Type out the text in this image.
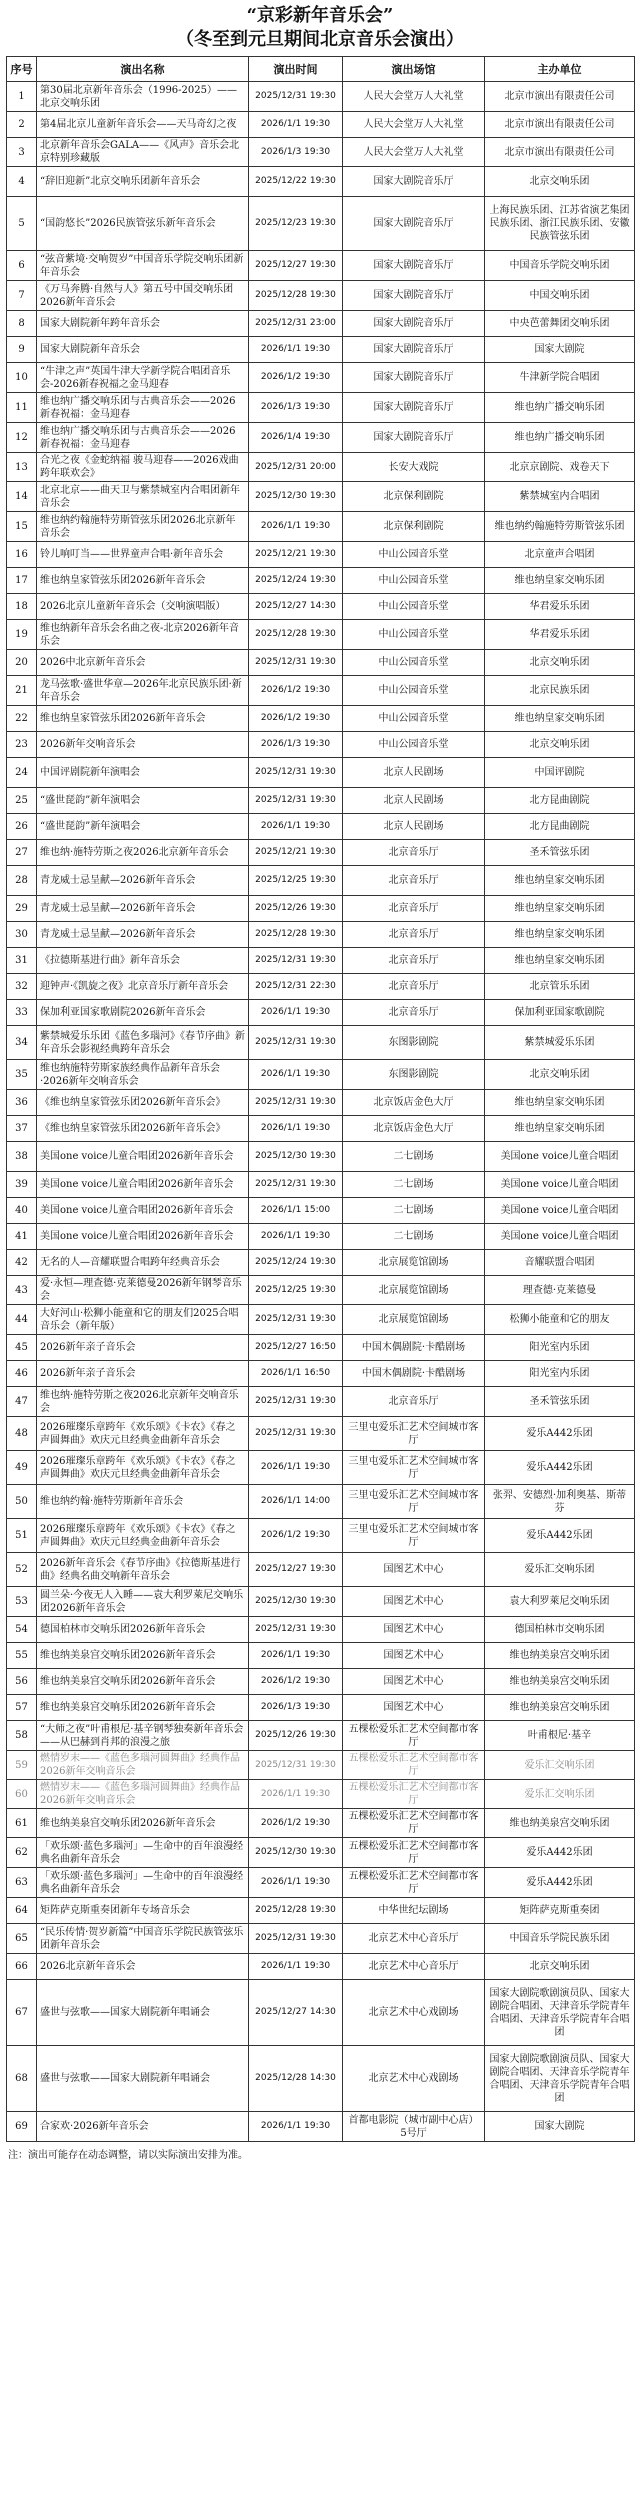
“京彩新年音乐会”
（冬至到元旦期间北京音乐会演出）
序号	演出名称	演出时间	演出场馆	主办单位
1	第30届北京新年音乐会（1996-2025）——北京交响乐团	2025/12/31 19:30	人民大会堂万人大礼堂	北京市演出有限责任公司
2	第4届北京儿童新年音乐会——天马奇幻之夜	2026/1/1 19:30	人民大会堂万人大礼堂	北京市演出有限责任公司
3	北京新年音乐会GALA——《风声》音乐会北京特别珍藏版	2026/1/3 19:30	人民大会堂万人大礼堂	北京市演出有限责任公司
4	“辞旧迎新”北京交响乐团新年音乐会	2025/12/22 19:30	国家大剧院音乐厅	北京交响乐团
5	“国韵悠长”2026民族管弦乐新年音乐会	2025/12/23 19:30	国家大剧院音乐厅	上海民族乐团、江苏省演艺集团民族乐团、浙江民族乐团、安徽民族管弦乐团
6	“弦音紫境·交响贺岁”中国音乐学院交响乐团新年音乐会	2025/12/27 19:30	国家大剧院音乐厅	中国音乐学院交响乐团
7	《万马奔腾·自然与人》第五号中国交响乐团2026新年音乐会	2025/12/28 19:30	国家大剧院音乐厅	中国交响乐团
8	国家大剧院新年跨年音乐会	2025/12/31 23:00	国家大剧院音乐厅	中央芭蕾舞团交响乐团
9	国家大剧院新年音乐会	2026/1/1 19:30	国家大剧院音乐厅	国家大剧院
10	“牛津之声”英国牛津大学新学院合唱团音乐会-2026新春祝福之金马迎春	2026/1/2 19:30	国家大剧院音乐厅	牛津新学院合唱团
11	维也纳广播交响乐团与古典音乐会——2026新春祝福：金马迎春	2026/1/3 19:30	国家大剧院音乐厅	维也纳广播交响乐团
12	维也纳广播交响乐团与古典音乐会——2026新春祝福：金马迎春	2026/1/4 19:30	国家大剧院音乐厅	维也纳广播交响乐团
13	合光之夜《金蛇纳福 骏马迎春——2026戏曲跨年联欢会》	2025/12/31 20:00	长安大戏院	北京京剧院、戏卷天下
14	北京北京——曲天卫与紫禁城室内合唱团新年音乐会	2025/12/30 19:30	北京保利剧院	紫禁城室内合唱团
15	维也纳约翰施特劳斯管弦乐团2026北京新年音乐会	2026/1/1 19:30	北京保利剧院	维也纳约翰施特劳斯管弦乐团
16	铃儿响叮当——世界童声合唱·新年音乐会	2025/12/21 19:30	中山公园音乐堂	北京童声合唱团
17	维也纳皇家管弦乐团2026新年音乐会	2025/12/24 19:30	中山公园音乐堂	维也纳皇家交响乐团
18	2026北京儿童新年音乐会（交响演唱版）	2025/12/27 14:30	中山公园音乐堂	华君爱乐乐团
19	维也纳新年音乐会名曲之夜-北京2026新年音乐会	2025/12/28 19:30	中山公园音乐堂	华君爱乐乐团
20	2026中北京新年音乐会	2025/12/31 19:30	中山公园音乐堂	北京交响乐团
21	龙马弦歌·盛世华章—2026年北京民族乐团·新年音乐会	2026/1/2 19:30	中山公园音乐堂	北京民族乐团
22	维也纳皇家管弦乐团2026新年音乐会	2026/1/2 19:30	中山公园音乐堂	维也纳皇家交响乐团
23	2026新年交响音乐会	2026/1/3 19:30	中山公园音乐堂	北京交响乐团
24	中国评剧院新年演唱会	2025/12/31 19:30	北京人民剧场	中国评剧院
25	“盛世琵韵”新年演唱会	2025/12/31 19:30	北京人民剧场	北方昆曲剧院
26	“盛世琵韵”新年演唱会	2026/1/1 19:30	北京人民剧场	北方昆曲剧院
27	维也纳·施特劳斯之夜2026北京新年音乐会	2025/12/21 19:30	北京音乐厅	圣禾管弦乐团
28	青龙威士忌呈献—2026新年音乐会	2025/12/25 19:30	北京音乐厅	维也纳皇家交响乐团
29	青龙威士忌呈献—2026新年音乐会	2025/12/26 19:30	北京音乐厅	维也纳皇家交响乐团
30	青龙威士忌呈献—2026新年音乐会	2025/12/28 19:30	北京音乐厅	维也纳皇家交响乐团
31	《拉德斯基进行曲》新年音乐会	2025/12/31 19:30	北京音乐厅	维也纳皇家交响乐团
32	迎钟声·《凯旋之夜》北京音乐厅新年音乐会	2025/12/31 22:30	北京音乐厅	北京管乐乐团
33	保加利亚国家歌剧院2026新年音乐会	2026/1/1 19:30	北京音乐厅	保加利亚国家歌剧院
34	紫禁城爱乐乐团《蓝色多瑙河》《春节序曲》新年音乐会影视经典跨年音乐会	2025/12/31 19:30	东图影剧院	紫禁城爱乐乐团
35	维也纳施特劳斯家族经典作品新年音乐会·2026新年交响音乐会	2026/1/1 19:30	东图影剧院	北京交响乐团
36	《维也纳皇家管弦乐团2026新年音乐会》	2025/12/31 19:30	北京饭店金色大厅	维也纳皇家交响乐团
37	《维也纳皇家管弦乐团2026新年音乐会》	2026/1/1 19:30	北京饭店金色大厅	维也纳皇家交响乐团
38	美国one voice儿童合唱团2026新年音乐会	2025/12/30 19:30	二七剧场	美国one voice儿童合唱团
39	美国one voice儿童合唱团2026新年音乐会	2025/12/31 19:30	二七剧场	美国one voice儿童合唱团
40	美国one voice儿童合唱团2026新年音乐会	2026/1/1 15:00	二七剧场	美国one voice儿童合唱团
41	美国one voice儿童合唱团2026新年音乐会	2026/1/1 19:30	二七剧场	美国one voice儿童合唱团
42	无名的人—音耀联盟合唱跨年经典音乐会	2025/12/24 19:30	北京展览馆剧场	音耀联盟合唱团
43	爱·永恒—理查德·克莱德曼2026新年钢琴音乐会	2025/12/25 19:30	北京展览馆剧场	理查德·克莱德曼
44	大好河山·松狮小能童和它的朋友们2025合唱音乐会（新年版）	2025/12/31 19:30	北京展览馆剧场	松狮小能童和它的朋友
45	2026新年亲子音乐会	2025/12/27 16:50	中国木偶剧院·卡酷剧场	阳光室内乐团
46	2026新年亲子音乐会	2026/1/1 16:50	中国木偶剧院·卡酷剧场	阳光室内乐团
47	维也纳·施特劳斯之夜2026北京新年交响音乐会	2025/12/31 19:30	北京音乐厅	圣禾管弦乐团
48	2026璀璨乐章跨年《欢乐颂》《卡农》《春之声圆舞曲》欢庆元旦经典金曲新年音乐会	2025/12/31 19:30	三里屯爱乐汇艺术空间城市客厅	爱乐A442乐团
49	2026璀璨乐章跨年《欢乐颂》《卡农》《春之声圆舞曲》欢庆元旦经典金曲新年音乐会	2026/1/1 19:30	三里屯爱乐汇艺术空间城市客厅	爱乐A442乐团
50	维也纳约翰·施特劳斯新年音乐会	2026/1/1 14:00	三里屯爱乐汇艺术空间城市客厅	张羿、安德烈·加利奥基、斯蒂芬
51	2026璀璨乐章跨年《欢乐颂》《卡农》《春之声圆舞曲》欢庆元旦经典金曲新年音乐会	2026/1/2 19:30	三里屯爱乐汇艺术空间城市客厅	爱乐A442乐团
52	2026新年音乐会《春节序曲》《拉德斯基进行曲》经典名曲交响新年音乐会	2025/12/27 19:30	国图艺术中心	爱乐汇交响乐团
53	圆兰朵·今夜无人入睡——袁大利罗萊尼交响乐团2026新年音乐会	2025/12/30 19:30	国图艺术中心	袁大利罗萊尼交响乐团
54	德国柏林市交响乐团2026新年音乐会	2025/12/31 19:30	国图艺术中心	德国柏林市交响乐团
55	维也纳美泉宫交响乐团2026新年音乐会	2026/1/1 19:30	国图艺术中心	维也纳美泉宫交响乐团
56	维也纳美泉宫交响乐团2026新年音乐会	2026/1/2 19:30	国图艺术中心	维也纳美泉宫交响乐团
57	维也纳美泉宫交响乐团2026新年音乐会	2026/1/3 19:30	国图艺术中心	维也纳美泉宫交响乐团
58	“大师之夜”叶甫根尼·基辛钢琴独奏新年音乐会——从巴赫到肖邦的浪漫之旅	2025/12/26 19:30	五棵松爱乐汇艺术空间都市客厅	叶甫根尼·基辛
59	燃情岁末——《蓝色多瑙河圆舞曲》经典作品2026新年交响音乐会	2025/12/31 19:30	五棵松爱乐汇艺术空间都市客厅	爱乐汇交响乐团
60	燃情岁末——《蓝色多瑙河圆舞曲》经典作品2026新年交响音乐会	2026/1/1 19:30	五棵松爱乐汇艺术空间都市客厅	爱乐汇交响乐团
61	维也纳美泉宫交响乐团2026新年音乐会	2026/1/2 19:30	五棵松爱乐汇艺术空间都市客厅	维也纳美泉宫交响乐团
62	「欢乐颂·蓝色多瑙河」—生命中的百年浪漫经典名曲新年音乐会	2025/12/30 19:30	五棵松爱乐汇艺术空间都市客厅	爱乐A442乐团
63	「欢乐颂·蓝色多瑙河」—生命中的百年浪漫经典名曲新年音乐会	2026/1/1 19:30	五棵松爱乐汇艺术空间都市客厅	爱乐A442乐团
64	矩阵萨克斯重奏团新年专场音乐会	2025/12/28 19:30	中华世纪坛剧场	矩阵萨克斯重奏团
65	“民乐传情·贺岁新篇”中国音乐学院民族管弦乐团新年音乐会	2025/12/31 19:30	北京艺术中心音乐厅	中国音乐学院民族乐团
66	2026北京新年音乐会	2026/1/1 19:30	北京艺术中心音乐厅	北京交响乐团
67	盛世与弦歌——国家大剧院新年唱诵会	2025/12/27 14:30	北京艺术中心戏剧场	国家大剧院歌剧演员队、国家大剧院合唱团、天津音乐学院青年合唱团、天津音乐学院青年合唱团
68	盛世与弦歌——国家大剧院新年唱诵会	2025/12/28 14:30	北京艺术中心戏剧场	国家大剧院歌剧演员队、国家大剧院合唱团、天津音乐学院青年合唱团、天津音乐学院青年合唱团
69	合家欢·2026新年音乐会	2026/1/1 19:30	首都电影院（城市副中心店）5号厅	国家大剧院
注：演出可能存在动态调整，请以实际演出安排为准。
